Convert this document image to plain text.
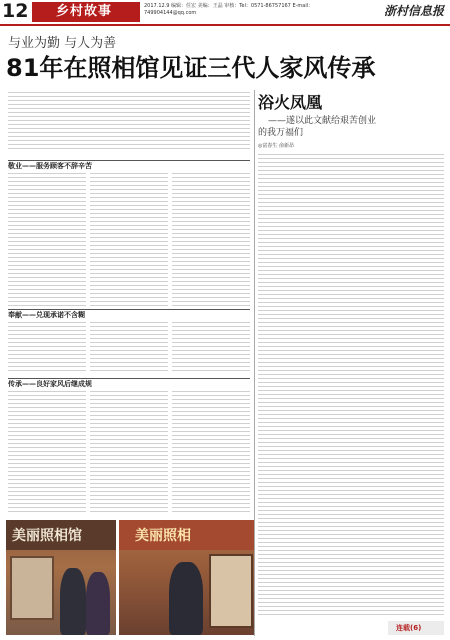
12 乡村故事	2017.12.9 编辑：任宏 美编：王晶 审核：Tel：0571-86757167 E-mail：749904144@qq.com	浙村信息报
与业为勤 与人为善
81年在照相馆见证三代人家风传承
敬业——服务顾客不辞辛苦
奉献——兑现承诺不含糊
传承——良好家风后继成规
美丽照相馆	美丽照相
浴火凤凰
——遂以此文献给艰苦创业
的我万福们
◎富春生 俞新昂
连载(6)
